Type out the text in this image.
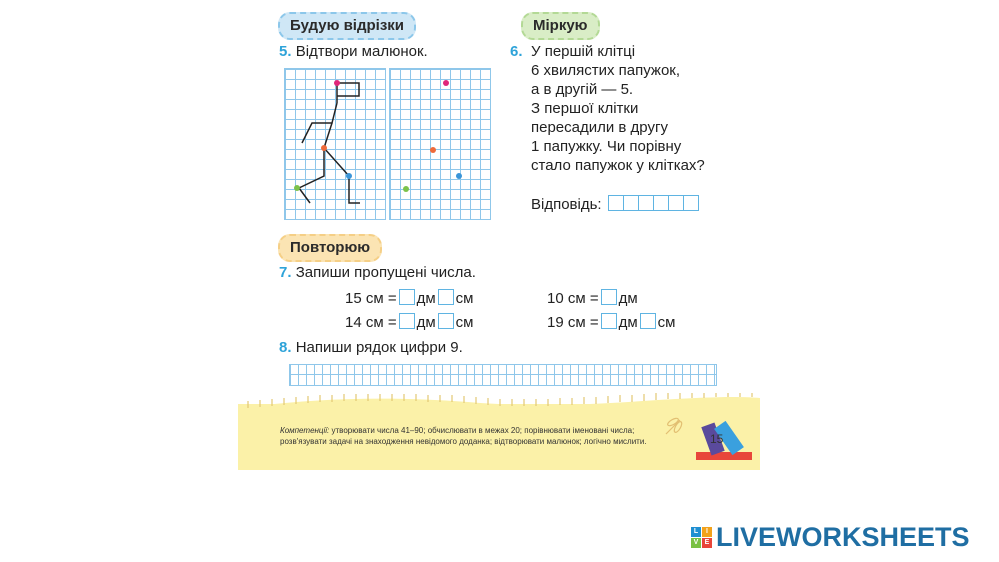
Будую відрізки	Міркую
5. Відтвори малюнок.	6. У першій клітці
6 хвилястих папужок,
а в другій — 5.
З першої клітки
пересадили в другу
1 папужку. Чи порівну
стало папужок у клітках?
Відповідь:
Повторюю
7. Запиши пропущені числа.
15 см = дм см	10 см = дм
14 см = дм см	19 см = дм см
8. Напиши рядок цифри 9.
Компетенції: утворювати числа 41–90; обчислювати в межах 20; порівнювати іменовані числа; розв'язувати задачі на знаходження невідомого доданка; відтворювати малюнок; логічно мислити.	15
L	I
V E LIVEWORKSHEETS
